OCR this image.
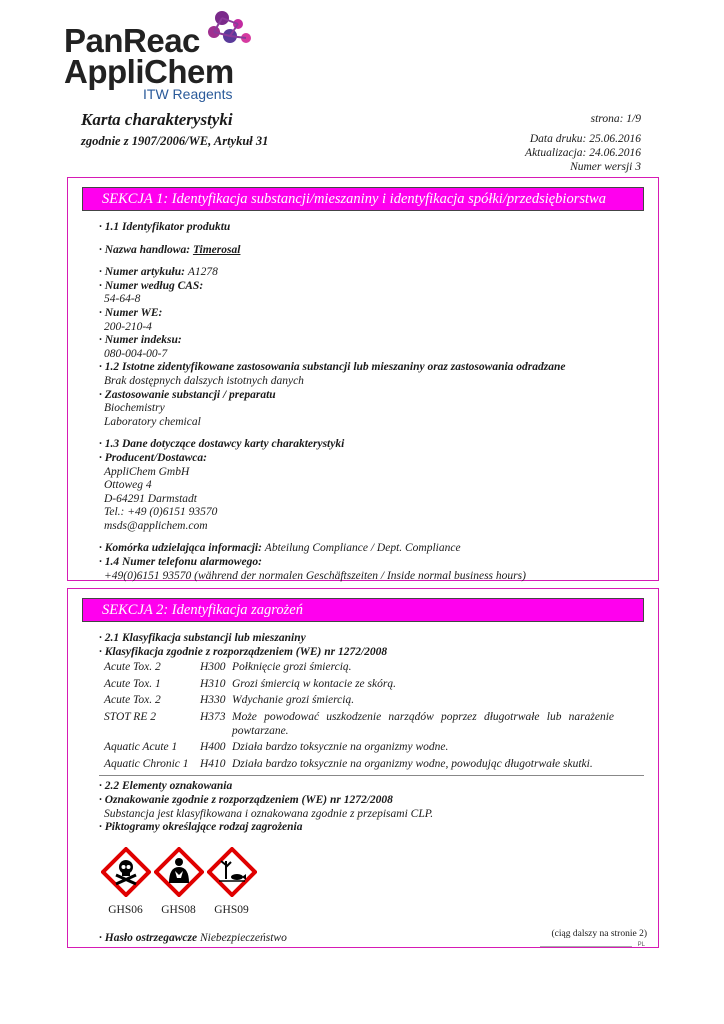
PanReac
AppliChem
ITW Reagents
Karta charakterystyki
zgodnie z 1907/2006/WE, Artykuł 31
strona: 1/9
Data druku: 25.06.2016
Aktualizacja: 24.06.2016
Numer wersji 3
SEKCJA 1: Identyfikacja substancji/mieszaniny i identyfikacja spółki/przedsiębiorstwa
· 1.1 Identyfikator produktu
· Nazwa handlowa: Timerosal
· Numer artykułu: A1278
· Numer według CAS:
54-64-8
· Numer WE:
200-210-4
· Numer indeksu:
080-004-00-7
· 1.2 Istotne zidentyfikowane zastosowania substancji lub mieszaniny oraz zastosowania odradzane
Brak dostępnych dalszych istotnych danych
· Zastosowanie substancji / preparatu
Biochemistry
Laboratory chemical
· 1.3 Dane dotyczące dostawcy karty charakterystyki
· Producent/Dostawca:
AppliChem GmbH
Ottoweg 4
D-64291 Darmstadt
Tel.: +49 (0)6151 93570
msds@applichem.com
· Komórka udzielająca informacji: Abteilung Compliance / Dept. Compliance
· 1.4 Numer telefonu alarmowego:
+49(0)6151 93570 (während der normalen Geschäftszeiten / Inside normal business hours)
SEKCJA 2: Identyfikacja zagrożeń
· 2.1 Klasyfikacja substancji lub mieszaniny
· Klasyfikacja zgodnie z rozporządzeniem (WE) nr 1272/2008
Acute Tox. 2	H300	Połknięcie grozi śmiercią.
Acute Tox. 1	H310	Grozi śmiercią w kontacie ze skórą.
Acute Tox. 2	H330	Wdychanie grozi śmiercią.
STOT RE 2	H373	Może powodować uszkodzenie narządów poprzez długotrwałe lub narażenie powtarzane.
Aquatic Acute 1	H400	Działa bardzo toksycznie na organizmy wodne.
Aquatic Chronic 1	H410	Działa bardzo toksycznie na organizmy wodne, powodując długotrwałe skutki.
· 2.2 Elementy oznakowania
· Oznakowanie zgodnie z rozporządzeniem (WE) nr 1272/2008
Substancja jest klasyfikowana i oznakowana zgodnie z przepisami CLP.
· Piktogramy określające rodzaj zagrożenia
GHS06	GHS08	GHS09
· Hasło ostrzegawcze Niebezpieczeństwo	(ciąg dalszy na stronie 2)
PL
